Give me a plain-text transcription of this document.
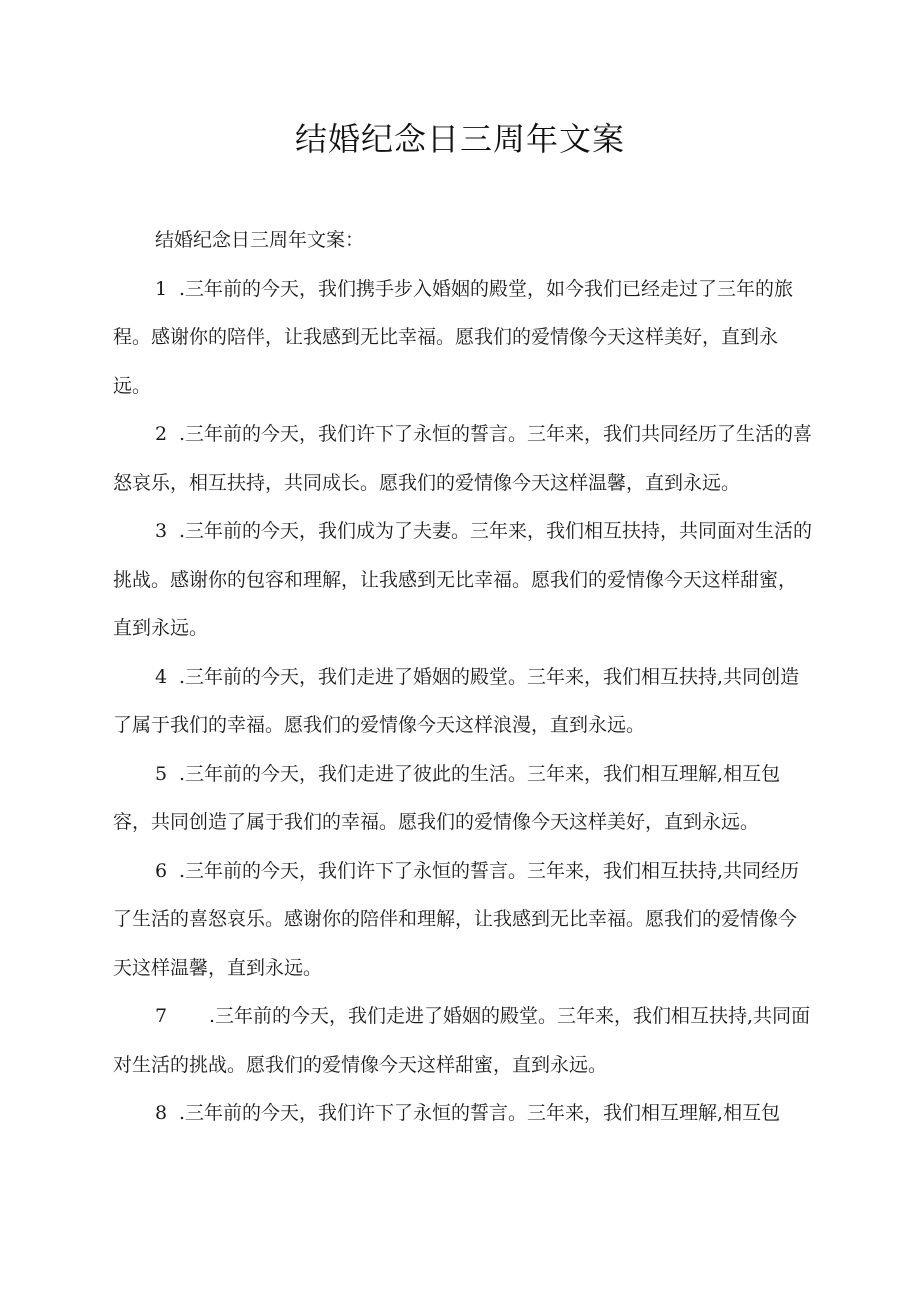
结婚纪念日三周年文案

结婚纪念日三周年文案：

1 .三年前的今天，我们携手步入婚姻的殿堂，如今我们已经走过了三年的旅程。感谢你的陪伴，让我感到无比幸福。愿我们的爱情像今天这样美好，直到永远。

2 .三年前的今天，我们许下了永恒的誓言。三年来，我们共同经历了生活的喜怒哀乐，相互扶持，共同成长。愿我们的爱情像今天这样温馨，直到永远。

3 .三年前的今天，我们成为了夫妻。三年来，我们相互扶持，共同面对生活的挑战。感谢你的包容和理解，让我感到无比幸福。愿我们的爱情像今天这样甜蜜，直到永远。

4 .三年前的今天，我们走进了婚姻的殿堂。三年来，我们相互扶持,共同创造了属于我们的幸福。愿我们的爱情像今天这样浪漫，直到永远。

5 .三年前的今天，我们走进了彼此的生活。三年来，我们相互理解,相互包容，共同创造了属于我们的幸福。愿我们的爱情像今天这样美好，直到永远。

6 .三年前的今天，我们许下了永恒的誓言。三年来，我们相互扶持,共同经历了生活的喜怒哀乐。感谢你的陪伴和理解，让我感到无比幸福。愿我们的爱情像今天这样温馨，直到永远。

7 .三年前的今天，我们走进了婚姻的殿堂。三年来，我们相互扶持,共同面对生活的挑战。愿我们的爱情像今天这样甜蜜，直到永远。

8 .三年前的今天，我们许下了永恒的誓言。三年来，我们相互理解,相互包
